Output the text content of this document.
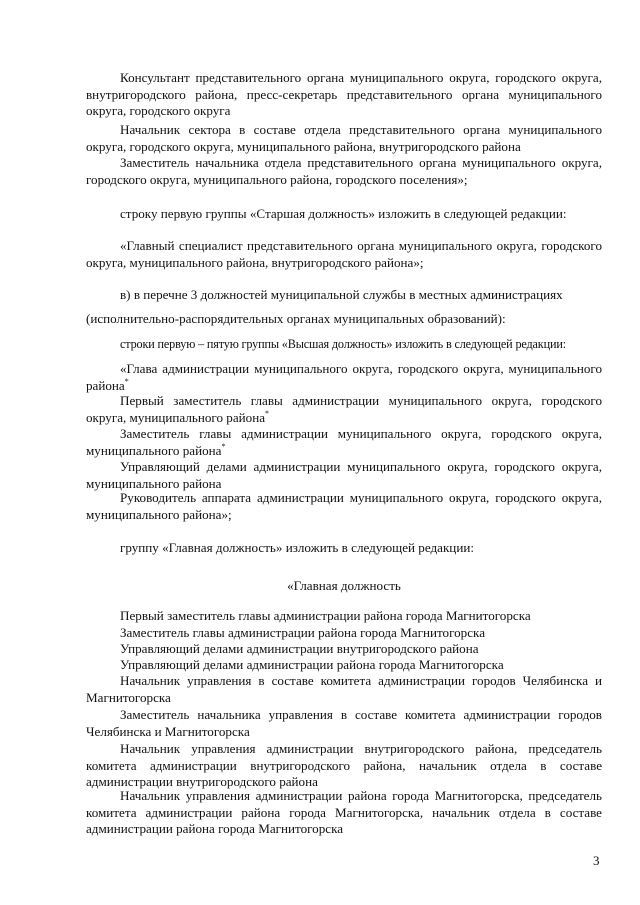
Консультант представительного органа муниципального округа, городского округа, внутригородского района, пресс-секретарь представительного органа муниципального округа, городского округа

Начальник сектора в составе отдела представительного органа муниципального округа, городского округа, муниципального района, внутригородского района

Заместитель начальника отдела представительного органа муниципального округа, городского округа, муниципального района, городского поселения»;

строку первую группы «Старшая должность» изложить в следующей редакции:

«Главный специалист представительного органа муниципального округа, городского округа, муниципального района, внутригородского района»;

в) в перечне 3 должностей муниципальной службы в местных администрациях

(исполнительно-распорядительных органах муниципальных образований):

строки первую – пятую группы «Высшая должность» изложить в следующей редакции:

«Глава администрации муниципального округа, городского округа, муниципального района*

Первый заместитель главы администрации муниципального округа, городского округа, муниципального района*

Заместитель главы администрации муниципального округа, городского округа, муниципального района*

Управляющий делами администрации муниципального округа, городского округа, муниципального района

Руководитель аппарата администрации муниципального округа, городского округа, муниципального района»;

группу «Главная должность» изложить в следующей редакции:

«Главная должность

Первый заместитель главы администрации района города Магнитогорска

Заместитель главы администрации района города Магнитогорска

Управляющий делами администрации внутригородского района

Управляющий делами администрации района города Магнитогорска

Начальник управления в составе комитета администрации городов Челябинска и Магнитогорска

Заместитель начальника управления в составе комитета администрации городов Челябинска и Магнитогорска

Начальник управления администрации внутригородского района, председатель комитета администрации внутригородского района, начальник отдела в составе администрации внутригородского района

Начальник управления администрации района города Магнитогорска, председатель комитета администрации района города Магнитогорска, начальник отдела в составе администрации района города Магнитогорска

3
